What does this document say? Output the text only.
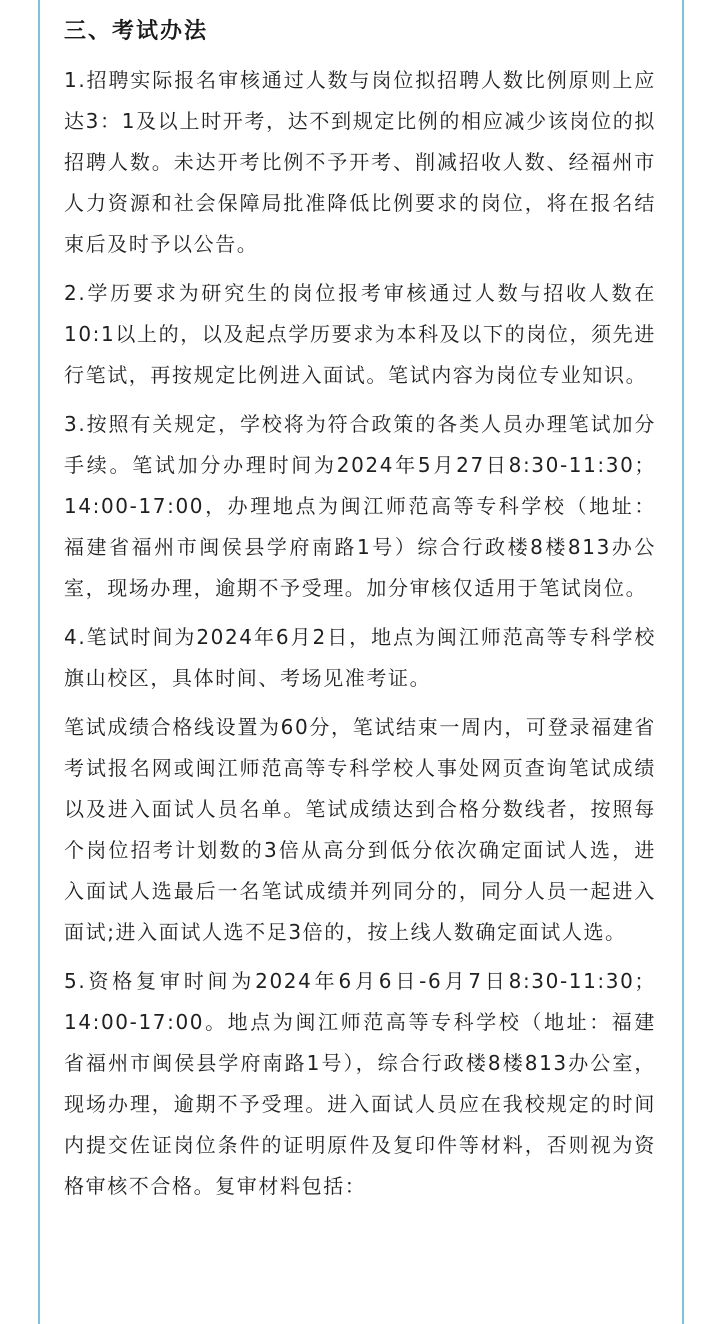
三、考试办法

1.招聘实际报名审核通过人数与岗位拟招聘人数比例原则上应达3：1及以上时开考，达不到规定比例的相应减少该岗位的拟招聘人数。未达开考比例不予开考、削减招收人数、经福州市人力资源和社会保障局批准降低比例要求的岗位，将在报名结束后及时予以公告。

2.学历要求为研究生的岗位报考审核通过人数与招收人数在10:1以上的，以及起点学历要求为本科及以下的岗位，须先进行笔试，再按规定比例进入面试。笔试内容为岗位专业知识。

3.按照有关规定，学校将为符合政策的各类人员办理笔试加分手续。笔试加分办理时间为2024年5月27日8:30-11:30；14:00-17:00，办理地点为闽江师范高等专科学校（地址：福建省福州市闽侯县学府南路1号）综合行政楼8楼813办公室，现场办理，逾期不予受理。加分审核仅适用于笔试岗位。

4.笔试时间为2024年6月2日，地点为闽江师范高等专科学校旗山校区，具体时间、考场见准考证。

笔试成绩合格线设置为60分，笔试结束一周内，可登录福建省考试报名网或闽江师范高等专科学校人事处网页查询笔试成绩以及进入面试人员名单。笔试成绩达到合格分数线者，按照每个岗位招考计划数的3倍从高分到低分依次确定面试人选，进入面试人选最后一名笔试成绩并列同分的，同分人员一起进入面试;进入面试人选不足3倍的，按上线人数确定面试人选。

5.资格复审时间为2024年6月6日-6月7日8:30-11:30；14:00-17:00。地点为闽江师范高等专科学校（地址：福建省福州市闽侯县学府南路1号），综合行政楼8楼813办公室，现场办理，逾期不予受理。进入面试人员应在我校规定的时间内提交佐证岗位条件的证明原件及复印件等材料，否则视为资格审核不合格。复审材料包括：
